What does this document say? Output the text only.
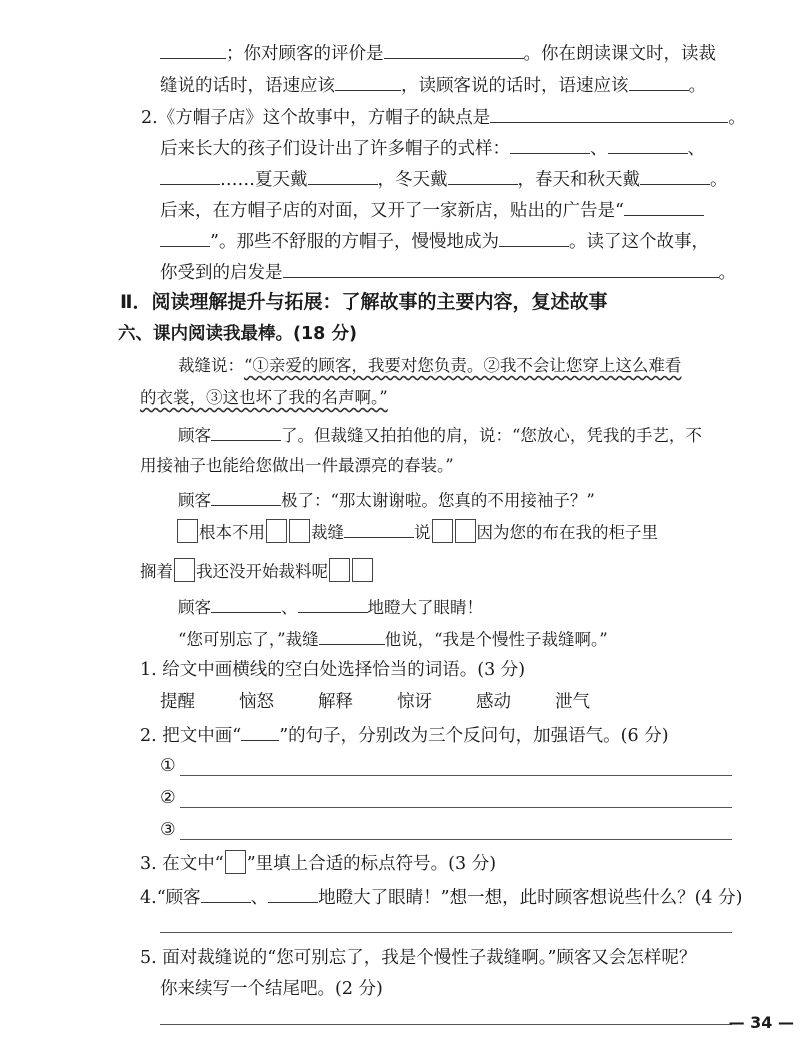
；你对顾客的评价是	。你在朗读课文时，读裁
缝说的话时，语速应该	，读顾客说的话时，语速应该	。
2.《方帽子店》这个故事中，方帽子的缺点是	。
后来长大的孩子们设计出了许多帽子的式样：	、	、
……夏天戴	，冬天戴	，春天和秋天戴	。
后来，在方帽子店的对面，又开了一家新店，贴出的广告是“
”。那些不舒服的方帽子，慢慢地成为	。读了这个故事，
你受到的启发是	。
Ⅱ．阅读理解提升与拓展：了解故事的主要内容，复述故事
六、课内阅读我最棒。(18 分)
裁缝说：“①亲爱的顾客，我要对您负责。②我不会让您穿上这么难看
的衣裳，③这也坏了我的名声啊。”
顾客	了。但裁缝又拍拍他的肩，说：“您放心，凭我的手艺，不
用接袖子也能给您做出一件最漂亮的春装。”
顾客	极了：“那太谢谢啦。您真的不用接袖子？”
根本不用	裁缝	说	因为您的布在我的柜子里
搁着 我还没开始裁料呢
顾客	、	地瞪大了眼睛！
“您可别忘了，”裁缝	他说，“我是个慢性子裁缝啊。”
1. 给文中画横线的空白处选择恰当的词语。(3 分)
提醒	恼怒	解释	惊讶	感动	泄气
2. 把文中画“ ”的句子，分别改为三个反问句，加强语气。(6 分)
①
②
③
3. 在文中“ ”里填上合适的标点符号。(3 分)
4.“顾客	、	地瞪大了眼睛！”想一想，此时顾客想说些什么？(4 分)
5. 面对裁缝说的“您可别忘了，我是个慢性子裁缝啊。”顾客又会怎样呢？
你来续写一个结尾吧。(2 分)
— 34 —
